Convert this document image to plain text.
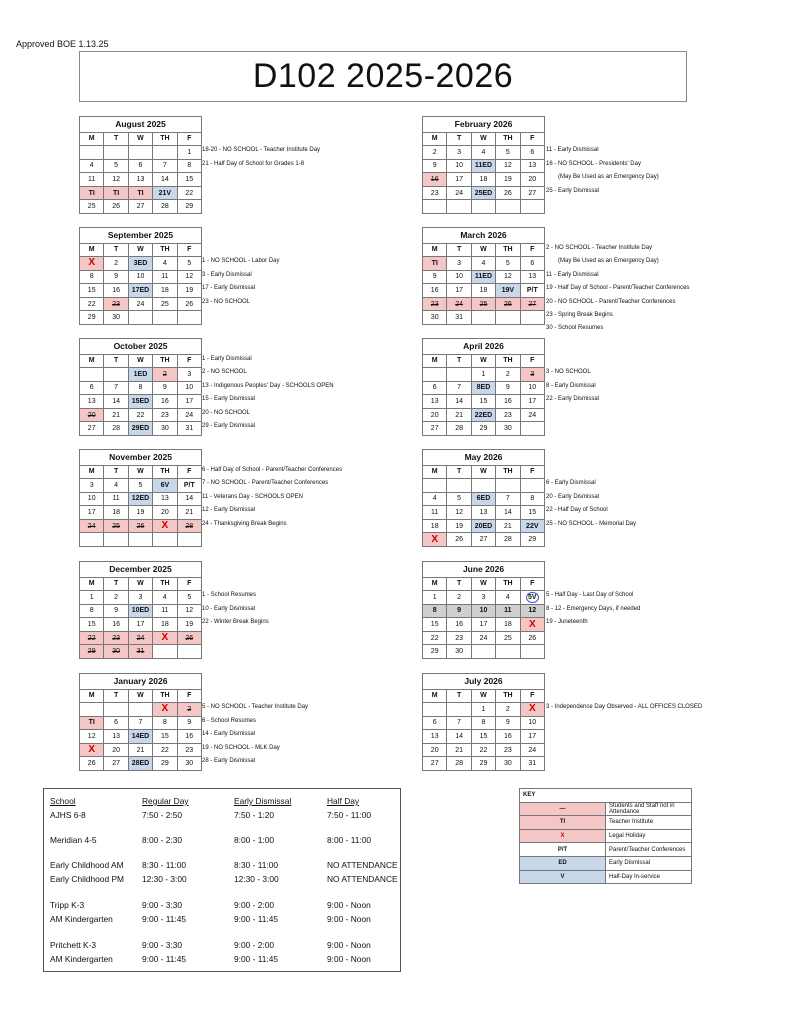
Approved BOE 1.13.25
D102 2025-2026
August 2025				
M	T	W	TH	F
				1
4	5	6	7	8
11	12	13	14	15
TI	TI	TI	21V	22
25	26	27	28	29
18-20 - NO SCHOOL - Teacher Institute Day
21 - Half Day of School for Grades 1-8
September 2025				
M	T	W	TH	F
X	2	3ED	4	5
8	9	10	11	12
15	16	17ED	18	19
22	23	24	25	26
29	30			
1 - NO SCHOOL - Labor Day
3 - Early Dismissal
17 - Early Dismissal
23 - NO SCHOOL
October 2025				
M	T	W	TH	F
		1ED	2	3
6	7	8	9	10
13	14	15ED	16	17
20	21	22	23	24
27	28	29ED	30	31
1 - Early Dismissal
2 - NO SCHOOL
13 - Indigenous Peoples' Day - SCHOOLS OPEN
15 - Early Dismissal
20 - NO SCHOOL
29 - Early Dismissal
November 2025				
M	T	W	TH	F
3	4	5	6V	P/T
10	11	12ED	13	14
17	18	19	20	21
24	25	26	X	28

6 - Half Day of School - Parent/Teacher Conferences
7 - NO SCHOOL - Parent/Teacher Conferences
11 - Veterans Day - SCHOOLS OPEN
12 - Early Dismissal
24 - Thanksgiving Break Begins
December 2025				
M	T	W	TH	F
1	2	3	4	5
8	9	10ED	11	12
15	16	17	18	19
22	23	24	X	26
29	30	31		
1 - School Resumes
10 - Early Dismissal
22 - Winter Break Begins
January 2026				
M	T	W	TH	F
			X	2
TI	6	7	8	9
12	13	14ED	15	16
X	20	21	22	23
26	27	28ED	29	30
5 - NO SCHOOL - Teacher Institute Day
6 - School Resumes
14 - Early Dismissal
19 - NO SCHOOL - MLK Day
28 - Early Dismissal
February 2026				
M	T	W	TH	F
2	3	4	5	6
9	10	11ED	12	13
16	17	18	19	20
23	24	25ED	26	27

11 - Early Dismissal
16 - NO SCHOOL - Presidents' Day
(May Be Used as an Emergency Day)
25 - Early Dismissal
March 2026				
M	T	W	TH	F
TI	3	4	5	6
9	10	11ED	12	13
16	17	18	19V	P/T
23	24	25	26	27
30	31			
2 - NO SCHOOL - Teacher Institute Day
(May Be Used as an Emergency Day)
11 - Early Dismissal
19 - Half Day of School - Parent/Teacher Conferences
20 - NO SCHOOL - Parent/Teacher Conferences
23 - Spring Break Begins
30 - School Resumes
April 2026				
M	T	W	TH	F
		1	2	3
6	7	8ED	9	10
13	14	15	16	17
20	21	22ED	23	24
27	28	29	30	
3 - NO SCHOOL
8 - Early Dismissal
22 - Early Dismissal
May 2026				
M	T	W	TH	F

4	5	6ED	7	8
11	12	13	14	15
18	19	20ED	21	22V
X	26	27	28	29
6 - Early Dismissal
20 - Early Dismissal
22 - Half Day of School
25 - NO SCHOOL - Memorial Day
June 2026				
M	T	W	TH	F
1	2	3	4	5V
8	9	10	11	12
15	16	17	18	X
22	23	24	25	26
29	30			
5 - Half Day - Last Day of School
8 - 12 - Emergency Days, if needed
19 - Juneteenth
July 2026				
M	T	W	TH	F
		1	2	X
6	7	8	9	10
13	14	15	16	17
20	21	22	23	24
27	28	29	30	31
3 - Independence Day Observed - ALL OFFICES CLOSED
School	Regular Day	Early Dismissal	Half Day
AJHS 6-8	7:50 - 2:50	7:50 - 1:20	7:50 - 11:00
Meridian 4-5	8:00 - 2:30	8:00 - 1:00	8:00 - 11:00
Early Childhood AM 8:30 - 11:00	8:30 - 11:00	NO ATTENDANCE
Early Childhood PM 12:30 - 3:00	12:30 - 3:00	NO ATTENDANCE
Tripp K-3	9:00 - 3:30	9:00 - 2:00	9:00 - Noon
AM Kindergarten	9:00 - 11:45	9:00 - 11:45	9:00 - Noon
Pritchett K-3	9:00 - 3:30	9:00 - 2:00	9:00 - Noon
AM Kindergarten	9:00 - 11:45	9:00 - 11:45	9:00 - Noon
KEY	
—	Students and Staff not in Attendance
TI	Teacher Institute
X	Legal Holiday
P/T	Parent/Teacher Conferences
ED	Early Dismissal
V	Half-Day In-service
